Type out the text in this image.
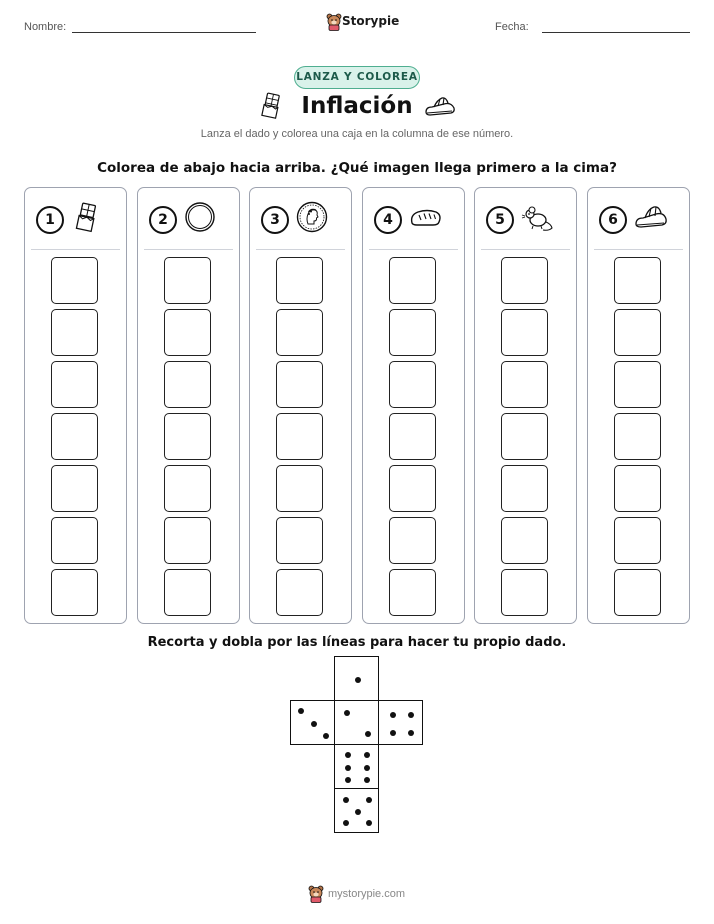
Nombre:	Storypie	Fecha:
LANZA Y COLOREA
Inflación
Lanza el dado y colorea una caja en la columna de ese número.
Colorea de abajo hacia arriba. ¿Qué imagen llega primero a la cima?
1	2	3	4	5	6
Recorta y dobla por las líneas para hacer tu propio dado.
mystorypie.com
